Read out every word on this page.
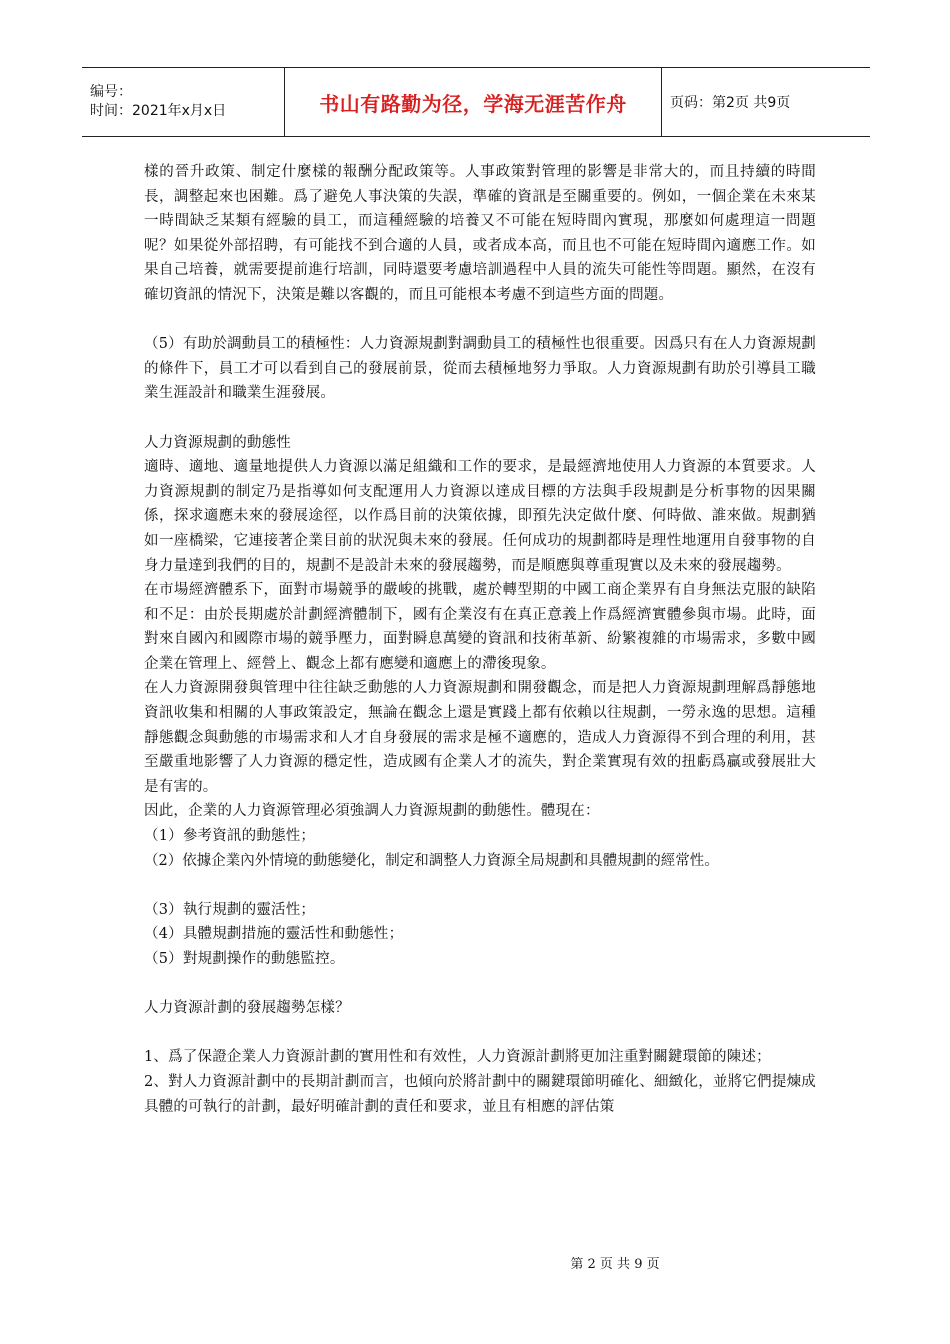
编号：
时间：2021年x月x日	书山有路勤为径，学海无涯苦作舟	页码：第2页 共9页

樣的晉升政策、制定什麼樣的報酬分配政策等。人事政策對管理的影響是非常大的，而且持續的時間長，調整起來也困難。爲了避免人事決策的失誤，準確的資訊是至關重要的。例如，一個企業在未來某一時間缺乏某類有經驗的員工，而這種經驗的培養又不可能在短時間內實現，那麼如何處理這一問題呢？如果從外部招聘，有可能找不到合適的人員，或者成本高，而且也不可能在短時間內適應工作。如果自己培養，就需要提前進行培訓，同時還要考慮培訓過程中人員的流失可能性等問題。顯然，在沒有確切資訊的情況下，決策是難以客觀的，而且可能根本考慮不到這些方面的問題。

（5）有助於調動員工的積極性：人力資源規劃對調動員工的積極性也很重要。因爲只有在人力資源規劃的條件下，員工才可以看到自己的發展前景，從而去積極地努力爭取。人力資源規劃有助於引導員工職業生涯設計和職業生涯發展。

人力資源規劃的動態性

適時、適地、適量地提供人力資源以滿足組織和工作的要求，是最經濟地使用人力資源的本質要求。人力資源規劃的制定乃是指導如何支配運用人力資源以達成目標的方法與手段規劃是分析事物的因果關係，探求適應未來的發展途徑，以作爲目前的決策依據，即預先決定做什麼、何時做、誰來做。規劃猶如一座橋梁，它連接著企業目前的狀況與未來的發展。任何成功的規劃都時是理性地運用自發事物的自身力量達到我們的目的，規劃不是設計未來的發展趨勢，而是順應與尊重現實以及未來的發展趨勢。

在市場經濟體系下，面對市場競爭的嚴峻的挑戰，處於轉型期的中國工商企業界有自身無法克服的缺陷和不足：由於長期處於計劃經濟體制下，國有企業沒有在真正意義上作爲經濟實體參與市場。此時，面對來自國內和國際市場的競爭壓力，面對瞬息萬變的資訊和技術革新、紛繁複雜的市場需求，多數中國企業在管理上、經營上、觀念上都有應變和適應上的滯後現象。

在人力資源開發與管理中往往缺乏動態的人力資源規劃和開發觀念，而是把人力資源規劃理解爲靜態地資訊收集和相關的人事政策設定，無論在觀念上還是實踐上都有依賴以往規劃，一勞永逸的思想。這種靜態觀念與動態的市場需求和人才自身發展的需求是極不適應的，造成人力資源得不到合理的利用，甚至嚴重地影響了人力資源的穩定性，造成國有企業人才的流失，對企業實現有效的扭虧爲贏或發展壯大是有害的。

因此，企業的人力資源管理必須強調人力資源規劃的動態性。體現在：

（1）參考資訊的動態性；

（2）依據企業內外情境的動態變化，制定和調整人力資源全局規劃和具體規劃的經常性。

（3）執行規劃的靈活性；

（4）具體規劃措施的靈活性和動態性；

（5）對規劃操作的動態監控。

人力資源計劃的發展趨勢怎樣？

1、爲了保證企業人力資源計劃的實用性和有效性，人力資源計劃將更加注重對關鍵環節的陳述；

2、對人力資源計劃中的長期計劃而言，也傾向於將計劃中的關鍵環節明確化、細緻化，並將它們提煉成具體的可執行的計劃，最好明確計劃的責任和要求，並且有相應的評估策

第 2 页 共 9 页
